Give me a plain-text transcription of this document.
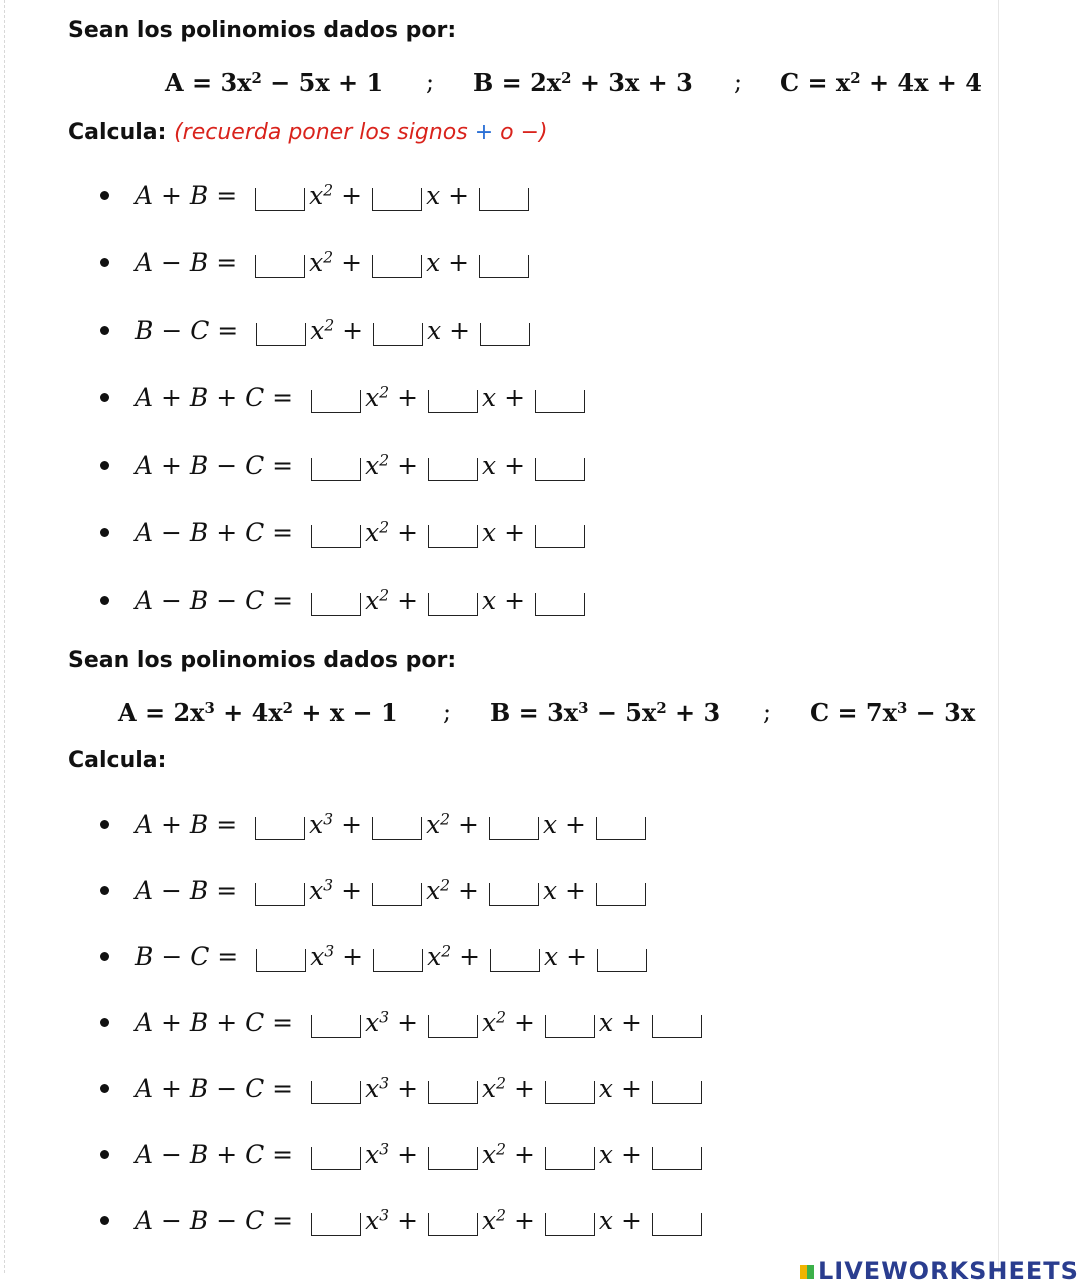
Sean los polinomios dados por:
$A = 3x^2 - 5x + 1$ ; $B = 2x^2 + 3x + 3$ ; $C = x^2 + 4x + 4$
Calcula: (recuerda poner los signos + o −)
A + B =	$x^2$ +	x +
A − B =	$x^2$ +	x +
B − C =	$x^2$ +	x +
A + B + C =	$x^2$ +	x +
A + B − C =	$x^2$ +	x +
A − B + C =	$x^2$ +	x +
A − B − C =	$x^2$ +	x +
Sean los polinomios dados por:
$A = 2x^3 + 4x^2 + x - 1$ ; $B = 3x^3 - 5x^2 + 3$ ; $C = 7x^3 - 3x$
Calcula:
A + B =	$x^3$ +	$x^2$ +	x +
A − B =	$x^3$ +	$x^2$ +	x +
B − C =	$x^3$ +	$x^2$ +	x +
A + B + C =	$x^3$ +	$x^2$ +	x +
A + B − C =	$x^3$ +	$x^2$ +	x +
A − B + C =	$x^3$ +	$x^2$ +	x +
A − B − C =	$x^3$ +	$x^2$ +	x +
LIVEWORKSHEETS
